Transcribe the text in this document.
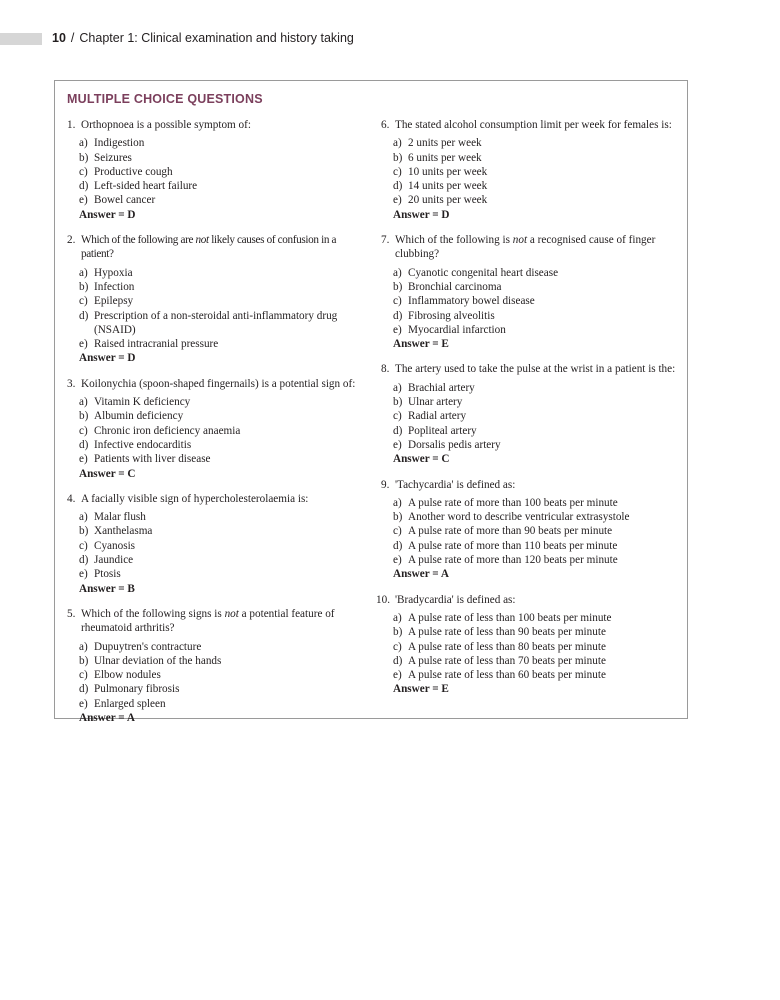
10 / Chapter 1: Clinical examination and history taking
MULTIPLE CHOICE QUESTIONS
1. Orthopnoea is a possible symptom of:
a) Indigestion
b) Seizures
c) Productive cough
d) Left-sided heart failure
e) Bowel cancer
Answer = D
2. Which of the following are not likely causes of confusion in a patient?
a) Hypoxia
b) Infection
c) Epilepsy
d) Prescription of a non-steroidal anti-inflammatory drug (NSAID)
e) Raised intracranial pressure
Answer = D
3. Koilonychia (spoon-shaped fingernails) is a potential sign of:
a) Vitamin K deficiency
b) Albumin deficiency
c) Chronic iron deficiency anaemia
d) Infective endocarditis
e) Patients with liver disease
Answer = C
4. A facially visible sign of hypercholesterolaemia is:
a) Malar flush
b) Xanthelasma
c) Cyanosis
d) Jaundice
e) Ptosis
Answer = B
5. Which of the following signs is not a potential feature of rheumatoid arthritis?
a) Dupuytren's contracture
b) Ulnar deviation of the hands
c) Elbow nodules
d) Pulmonary fibrosis
e) Enlarged spleen
Answer = A
6. The stated alcohol consumption limit per week for females is:
a) 2 units per week
b) 6 units per week
c) 10 units per week
d) 14 units per week
e) 20 units per week
Answer = D
7. Which of the following is not a recognised cause of finger clubbing?
a) Cyanotic congenital heart disease
b) Bronchial carcinoma
c) Inflammatory bowel disease
d) Fibrosing alveolitis
e) Myocardial infarction
Answer = E
8. The artery used to take the pulse at the wrist in a patient is the:
a) Brachial artery
b) Ulnar artery
c) Radial artery
d) Popliteal artery
e) Dorsalis pedis artery
Answer = C
9. 'Tachycardia' is defined as:
a) A pulse rate of more than 100 beats per minute
b) Another word to describe ventricular extrasystole
c) A pulse rate of more than 90 beats per minute
d) A pulse rate of more than 110 beats per minute
e) A pulse rate of more than 120 beats per minute
Answer = A
10. 'Bradycardia' is defined as:
a) A pulse rate of less than 100 beats per minute
b) A pulse rate of less than 90 beats per minute
c) A pulse rate of less than 80 beats per minute
d) A pulse rate of less than 70 beats per minute
e) A pulse rate of less than 60 beats per minute
Answer = E
